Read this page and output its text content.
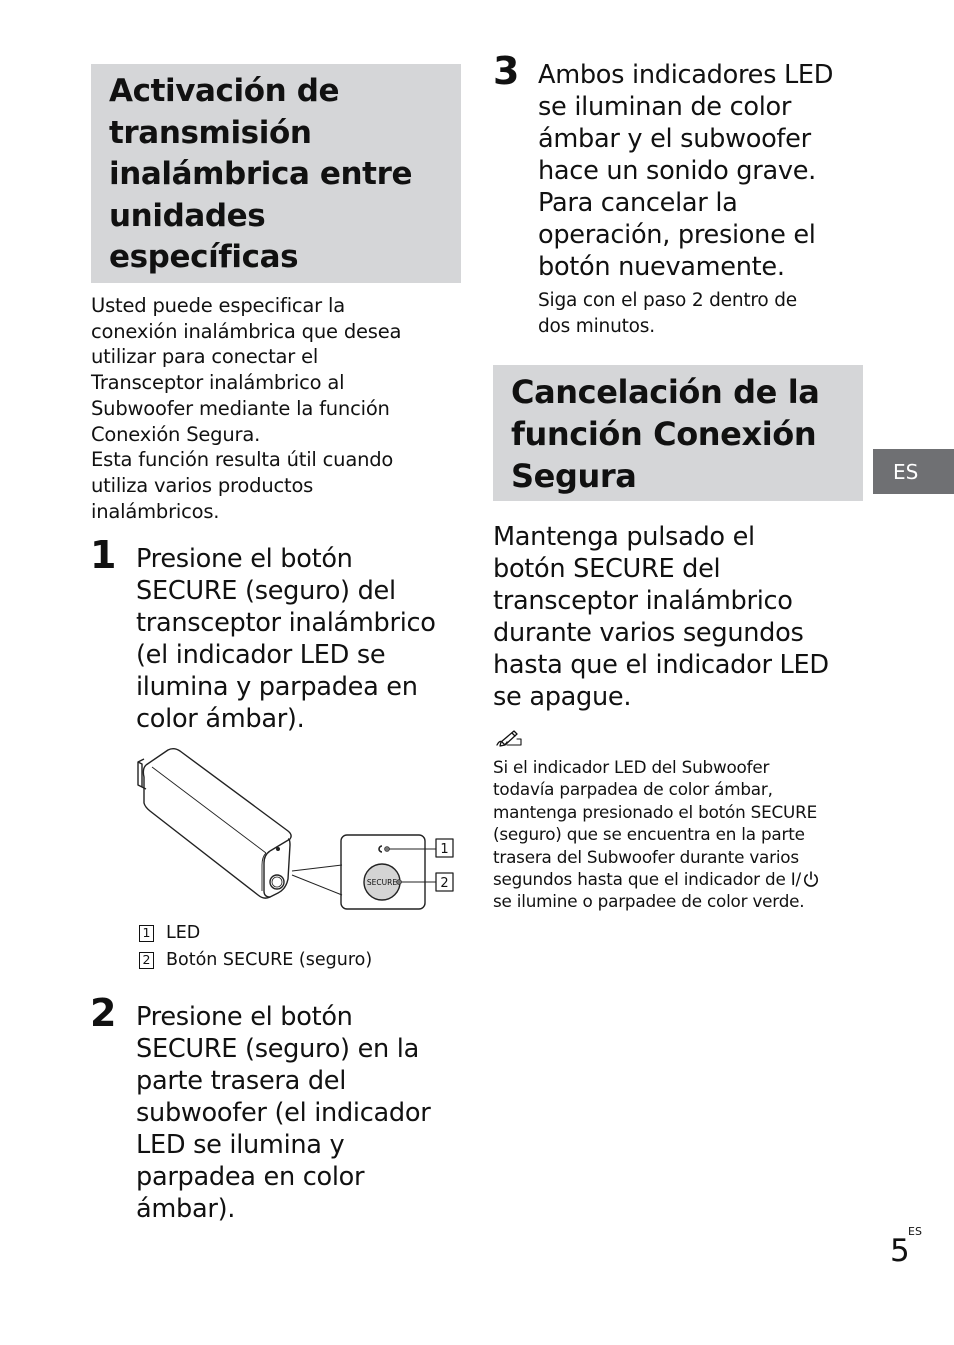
Activación de
transmisión
inalámbrica entre
unidades
específicas
Usted puede especificar la
conexión inalámbrica que desea
utilizar para conectar el
Transceptor inalámbrico al
Subwoofer mediante la función
Conexión Segura.
Esta función resulta útil cuando
utiliza varios productos
inalámbricos.
1 Presione el botón
SECURE (seguro) del
transceptor inalámbrico
(el indicador LED se
ilumina y parpadea en
color ámbar).
SECURE
1
2
1 LED
2 Botón SECURE (seguro)
2 Presione el botón
SECURE (seguro) en la
parte trasera del
subwoofer (el indicador
LED se ilumina y
parpadea en color
ámbar).
3 Ambos indicadores LED
se iluminan de color
ámbar y el subwoofer
hace un sonido grave.
Para cancelar la
operación, presione el
botón nuevamente.
Siga con el paso 2 dentro de
dos minutos.
Cancelación de la
función Conexión
Segura
Mantenga pulsado el
botón SECURE del
transceptor inalámbrico
durante varios segundos
hasta que el indicador LED
se apague.
Si el indicador LED del Subwoofer
todavía parpadea de color ámbar,
mantenga presionado el botón SECURE
(seguro) que se encuentra en la parte
trasera del Subwoofer durante varios
segundos hasta que el indicador de I/
se ilumine o parpadee de color verde.
ES
5
ES
